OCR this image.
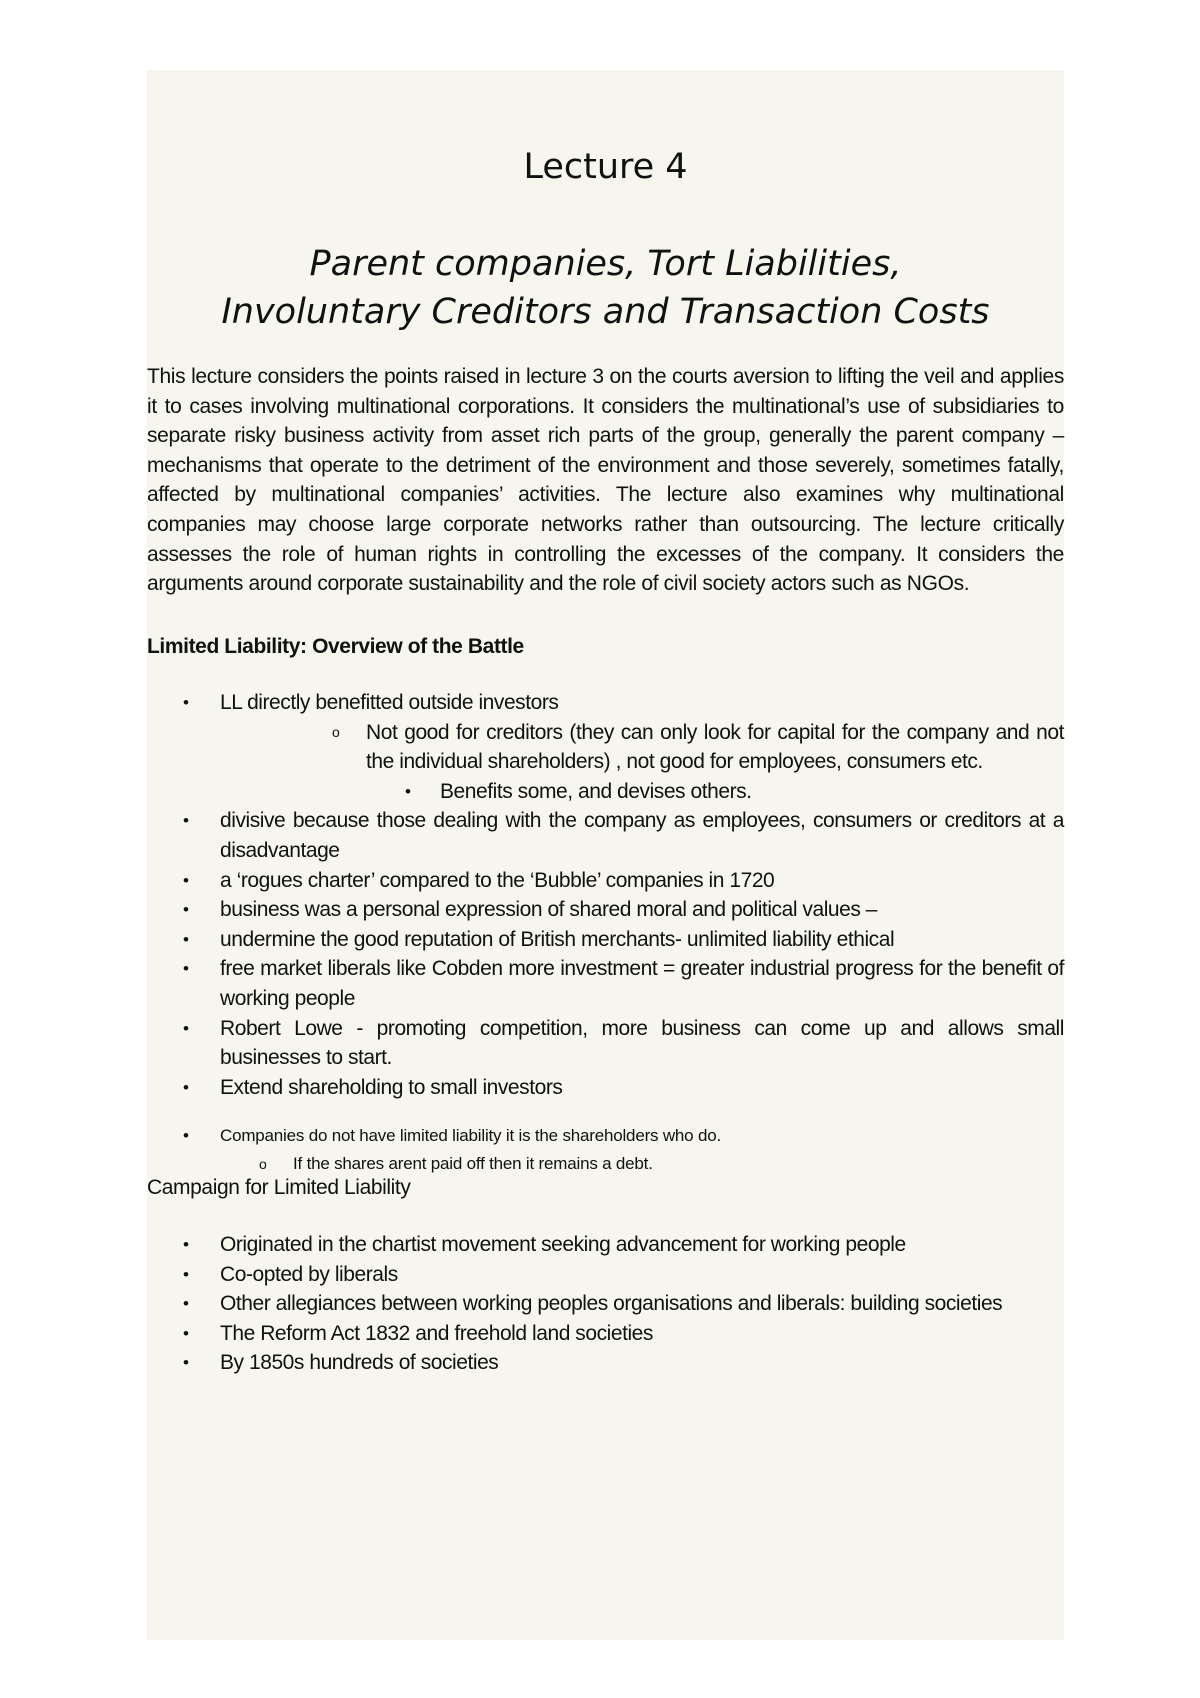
Lecture 4
Parent companies, Tort Liabilities,
Involuntary Creditors and Transaction Costs

This lecture considers the points raised in lecture 3 on the courts aversion to lifting the veil and applies it to cases involving multinational corporations. It considers the multinational’s use of subsidiaries to separate risky business activity from asset rich parts of the group, generally the parent company – mechanisms that operate to the detriment of the environment and those severely, sometimes fatally, affected by multinational companies’ activities. The lecture also examines why multinational companies may choose large corporate networks rather than outsourcing. The lecture critically assesses the role of human rights in controlling the excesses of the company. It considers the arguments around corporate sustainability and the role of civil society actors such as NGOs.

Limited Liability: Overview of the Battle

• LL directly benefitted outside investors
o Not good for creditors (they can only look for capital for the company and not the individual shareholders) , not good for employees, consumers etc.
• Benefits some, and devises others.
• divisive because those dealing with the company as employees, consumers or creditors at a disadvantage
• a ‘rogues charter’ compared to the ‘Bubble’ companies in 1720
• business was a personal expression of shared moral and political values –
• undermine the good reputation of British merchants- unlimited liability ethical
• free market liberals like Cobden more investment = greater industrial progress for the benefit of working people
• Robert Lowe - promoting competition, more business can come up and allows small businesses to start.
• Extend shareholding to small investors
• Companies do not have limited liability it is the shareholders who do.
o If the shares arent paid off then it remains a debt.

Campaign for Limited Liability

• Originated in the chartist movement seeking advancement for working people
• Co-opted by liberals
• Other allegiances between working peoples organisations and liberals: building societies
• The Reform Act 1832 and freehold land societies
• By 1850s hundreds of societies
